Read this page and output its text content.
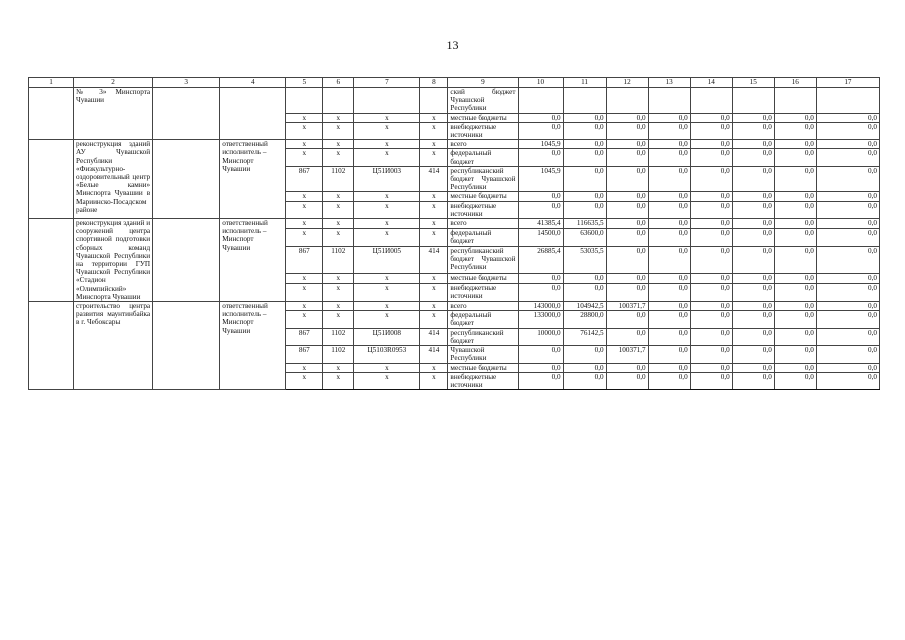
13
1	2	3	4	5	6	7	8	9	10	11	12	13	14	15	16	17
	№ 3» Минспорта Чувашии							ский бюджет Чувашской Республики								
				x	x	x	x	местные бюджеты	0,0	0,0	0,0	0,0	0,0	0,0	0,0	0,0
				x	x	x	x	внебюджетные источники	0,0	0,0	0,0	0,0	0,0	0,0	0,0	0,0
	реконструкция зданий АУ Чувашской Республики «Физкультурно-оздоровительный центр «Белые камни» Минспорта Чувашии в Мариинско-Посадском районе		ответственный исполнитель – Минспорт Чувашии	x	x	x	x	всего	1045,9	0,0	0,0	0,0	0,0	0,0	0,0	0,0
				x	x	x	x	федеральный бюджет	0,0	0,0	0,0	0,0	0,0	0,0	0,0	0,0
				867	1102	Ц51И003	414	республиканский бюджет Чувашской Республики	1045,9	0,0	0,0	0,0	0,0	0,0	0,0	0,0
				x	x	x	x	местные бюджеты	0,0	0,0	0,0	0,0	0,0	0,0	0,0	0,0
				x	x	x	x	внебюджетные источники	0,0	0,0	0,0	0,0	0,0	0,0	0,0	0,0
	реконструкция зданий и сооружений центра спортивной подготовки сборных команд Чувашской Республики на территории ГУП Чувашской Республики «Стадион «Олимпийский» Минспорта Чувашии		ответственный исполнитель – Минспорт Чувашии	x	x	x	x	всего	41385,4	116635,5	0,0	0,0	0,0	0,0	0,0	0,0
				x	x	x	x	федеральный бюджет	14500,0	63600,0	0,0	0,0	0,0	0,0	0,0	0,0
				867	1102	Ц51И005	414	республиканский бюджет Чувашской Республики	26885,4	53035,5	0,0	0,0	0,0	0,0	0,0	0,0
				x	x	x	x	местные бюджеты	0,0	0,0	0,0	0,0	0,0	0,0	0,0	0,0
				x	x	x	x	внебюджетные источники	0,0	0,0	0,0	0,0	0,0	0,0	0,0	0,0
	строительство центра развития маунтинбайка в г. Чебоксары		ответственный исполнитель – Минспорт Чувашии	x	x	x	x	всего	143000,0	104942,5	100371,7	0,0	0,0	0,0	0,0	0,0
				x	x	x	x	федеральный бюджет	133000,0	28800,0	0,0	0,0	0,0	0,0	0,0	0,0
				867	1102	Ц51И008	414	республиканский бюджет	10000,0	76142,5	0,0	0,0	0,0	0,0	0,0	0,0
				867	1102	Ц5103R0953	414	Чувашской Республики	0,0	0,0	100371,7	0,0	0,0	0,0	0,0	0,0
				x	x	x	x	местные бюджеты	0,0	0,0	0,0	0,0	0,0	0,0	0,0	0,0
				x	x	x	x	внебюджетные источники	0,0	0,0	0,0	0,0	0,0	0,0	0,0	0,0
